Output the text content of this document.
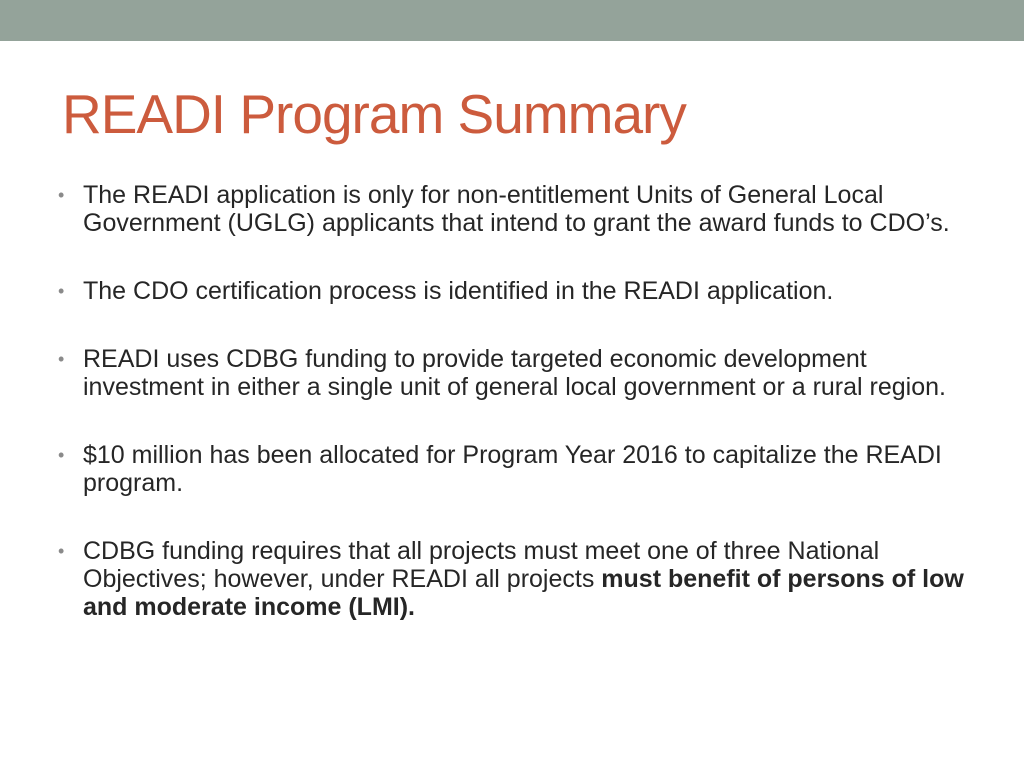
READI Program Summary
• The READI application is only for non-entitlement Units of General Local Government (UGLG) applicants that intend to grant the award funds to CDO’s.
• The CDO certification process is identified in the READI application.
• READI uses CDBG funding to provide targeted economic development investment in either a single unit of general local government or a rural region.
• $10 million has been allocated for Program Year 2016 to capitalize the READI program.
• CDBG funding requires that all projects must meet one of three National Objectives; however, under READI all projects must benefit of persons of low and moderate income (LMI).
